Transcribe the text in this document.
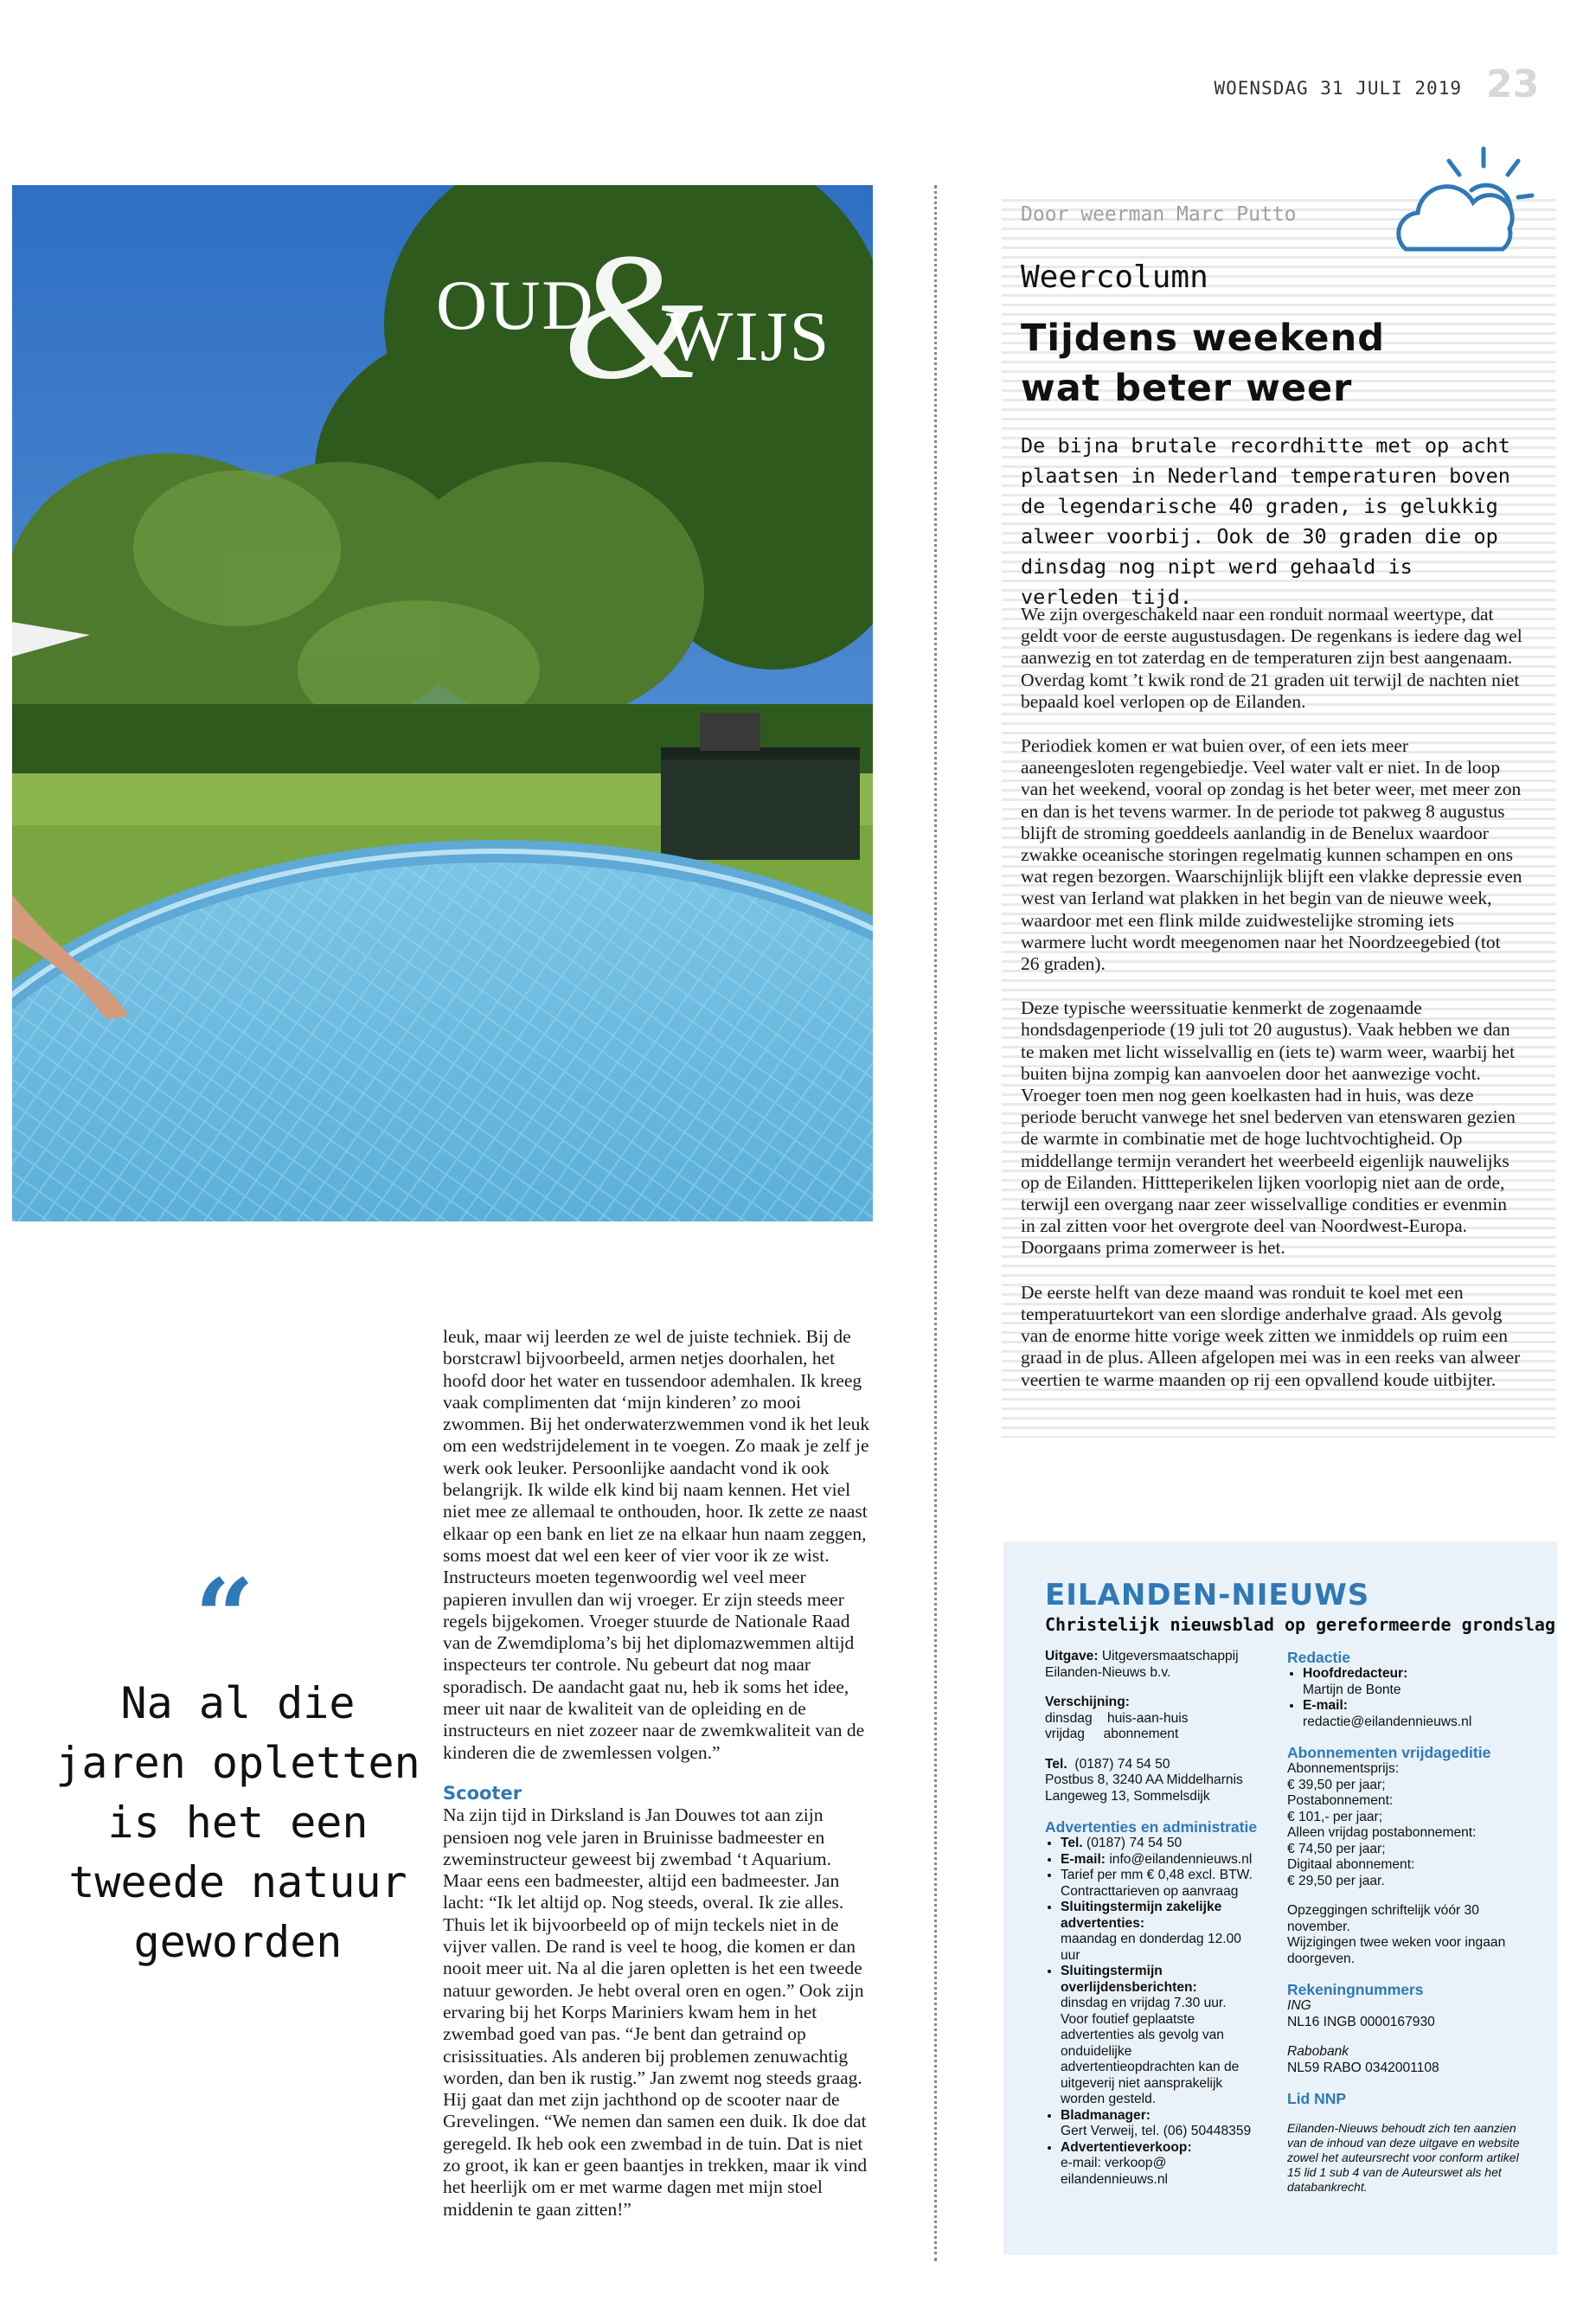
WOENSDAG 31 JULI 2019 23
OUD
&
WIJS
Door weerman Marc Putto
Weercolumn
Tijdens weekend
wat beter weer
De bijna brutale recordhitte met op acht plaatsen in Nederland temperaturen boven de legendarische 40 graden, is gelukkig alweer voorbij. Ook de 30 graden die op dinsdag nog nipt werd gehaald is verleden tijd.

We zijn overgeschakeld naar een ronduit normaal weertype, dat geldt voor de eerste augustusdagen. De regenkans is iedere dag wel aanwezig en tot zaterdag en de temperaturen zijn best aangenaam. Overdag komt ’t kwik rond de 21 graden uit terwijl de nachten niet bepaald koel verlopen op de Eilanden.

Periodiek komen er wat buien over, of een iets meer aaneengesloten regengebiedje. Veel water valt er niet. In de loop van het weekend, vooral op zondag is het beter weer, met meer zon en dan is het tevens warmer. In de periode tot pakweg 8 augustus blijft de stroming goeddeels aanlandig in de Benelux waardoor zwakke oceanische storingen regelmatig kunnen schampen en ons wat regen bezorgen. Waarschijnlijk blijft een vlakke depressie even west van Ierland wat plakken in het begin van de nieuwe week, waardoor met een flink milde zuidwestelijke stroming iets warmere lucht wordt meegenomen naar het Noordzeegebied (tot 26 graden).

Deze typische weerssituatie kenmerkt de zogenaamde hondsdagenperiode (19 juli tot 20 augustus). Vaak hebben we dan te maken met licht wisselvallig en (iets te) warm weer, waarbij het buiten bijna zompig kan aanvoelen door het aanwezige vocht. Vroeger toen men nog geen koelkasten had in huis, was deze periode berucht vanwege het snel bederven van etenswaren gezien de warmte in combinatie met de hoge luchtvochtigheid. Op middellange termijn verandert het weerbeeld eigenlijk nauwelijks op de Eilanden. Hittteperikelen lijken voorlopig niet aan de orde, terwijl een overgang naar zeer wisselvallige condities er evenmin in zal zitten voor het overgrote deel van Noordwest-Europa. Doorgaans prima zomerweer is het.

De eerste helft van deze maand was ronduit te koel met een temperatuurtekort van een slordige anderhalve graad. Als gevolg van de enorme hitte vorige week zitten we inmiddels op ruim een graad in de plus. Alleen afgelopen mei was in een reeks van alweer veertien te warme maanden op rij een opvallend koude uitbijter.

“
Na al die jaren opletten is het een tweede natuur geworden

leuk, maar wij leerden ze wel de juiste techniek. Bij de borstcrawl bijvoorbeeld, armen netjes doorhalen, het hoofd door het water en tussendoor ademhalen. Ik kreeg vaak complimenten dat ‘mijn kinderen’ zo mooi zwommen. Bij het onderwaterzwemmen vond ik het leuk om een wedstrijdelement in te voegen. Zo maak je zelf je werk ook leuker. Persoonlijke aandacht vond ik ook belangrijk. Ik wilde elk kind bij naam kennen. Het viel niet mee ze allemaal te onthouden, hoor. Ik zette ze naast elkaar op een bank en liet ze na elkaar hun naam zeggen, soms moest dat wel een keer of vier voor ik ze wist. Instructeurs moeten tegenwoordig wel veel meer papieren invullen dan wij vroeger. Er zijn steeds meer regels bijgekomen. Vroeger stuurde de Nationale Raad van de Zwemdiploma’s bij het diplomazwemmen altijd inspecteurs ter controle. Nu gebeurt dat nog maar sporadisch. De aandacht gaat nu, heb ik soms het idee, meer uit naar de kwaliteit van de opleiding en de instructeurs en niet zozeer naar de zwemkwaliteit van de kinderen die de zwemlessen volgen.”

Scooter

Na zijn tijd in Dirksland is Jan Douwes tot aan zijn pensioen nog vele jaren in Bruinisse badmeester en zweminstructeur geweest bij zwembad ‘t Aquarium. Maar eens een badmeester, altijd een badmeester. Jan lacht: “Ik let altijd op. Nog steeds, overal. Ik zie alles. Thuis let ik bijvoorbeeld op of mijn teckels niet in de vijver vallen. De rand is veel te hoog, die komen er dan nooit meer uit. Na al die jaren opletten is het een tweede natuur geworden. Je hebt overal oren en ogen.” Ook zijn ervaring bij het Korps Mariniers kwam hem in het zwembad goed van pas. “Je bent dan getraind op crisissituaties. Als anderen bij problemen zenuwachtig worden, dan ben ik rustig.” Jan zwemt nog steeds graag. Hij gaat dan met zijn jachthond op de scooter naar de Grevelingen. “We nemen dan samen een duik. Ik doe dat geregeld. Ik heb ook een zwembad in de tuin. Dat is niet zo groot, ik kan er geen baantjes in trekken, maar ik vind het heerlijk om er met warme dagen met mijn stoel middenin te gaan zitten!”

EILANDEN-NIEUWS
Christelijk nieuwsblad op gereformeerde grondslag

Uitgave: Uitgeversmaatschappij Eilanden-Nieuws b.v.

Verschijning:

dinsdag    huis-aan-huis

vrijdag     abonnement

Tel.  (0187) 74 54 50

Postbus 8, 3240 AA Middelharnis

Langeweg 13, Sommelsdijk

Advertenties en administratie

• Tel. (0187) 74 54 50
• E-mail: info@eilandennieuws.nl
• Tarief per mm € 0,48 excl. BTW.
Contracttarieven op aanvraag
• Sluitingstermijn zakelijke advertenties:
maandag en donderdag 12.00 uur
• Sluitingstermijn overlijdensberichten:
dinsdag en vrijdag 7.30 uur.
Voor foutief geplaatste advertenties als gevolg van onduidelijke advertentieopdrachten kan de uitgeverij niet aansprakelijk worden gesteld.
• Bladmanager:
Gert Verweij, tel. (06) 50448359
• Advertentieverkoop:
e-mail: verkoop@ eilandennieuws.nl

Redactie

• Hoofdredacteur:
Martijn de Bonte
• E-mail:
redactie@eilandennieuws.nl

Abonnementen vrijdageditie

Abonnementsprijs:

€ 39,50 per jaar;

Postabonnement:

€ 101,- per jaar;

Alleen vrijdag postabonnement:

€ 74,50 per jaar;

Digitaal abonnement:

€ 29,50 per jaar.

Opzeggingen schriftelijk vóór 30 november.

Wijzigingen twee weken voor ingaan doorgeven.

Rekeningnummers

ING

NL16 INGB 0000167930

Rabobank

NL59 RABO 0342001108

Lid NNP

Eilanden-Nieuws behoudt zich ten aanzien van de inhoud van deze uitgave en website zowel het auteursrecht voor conform artikel 15 lid 1 sub 4 van de Auteurswet als het databankrecht.
